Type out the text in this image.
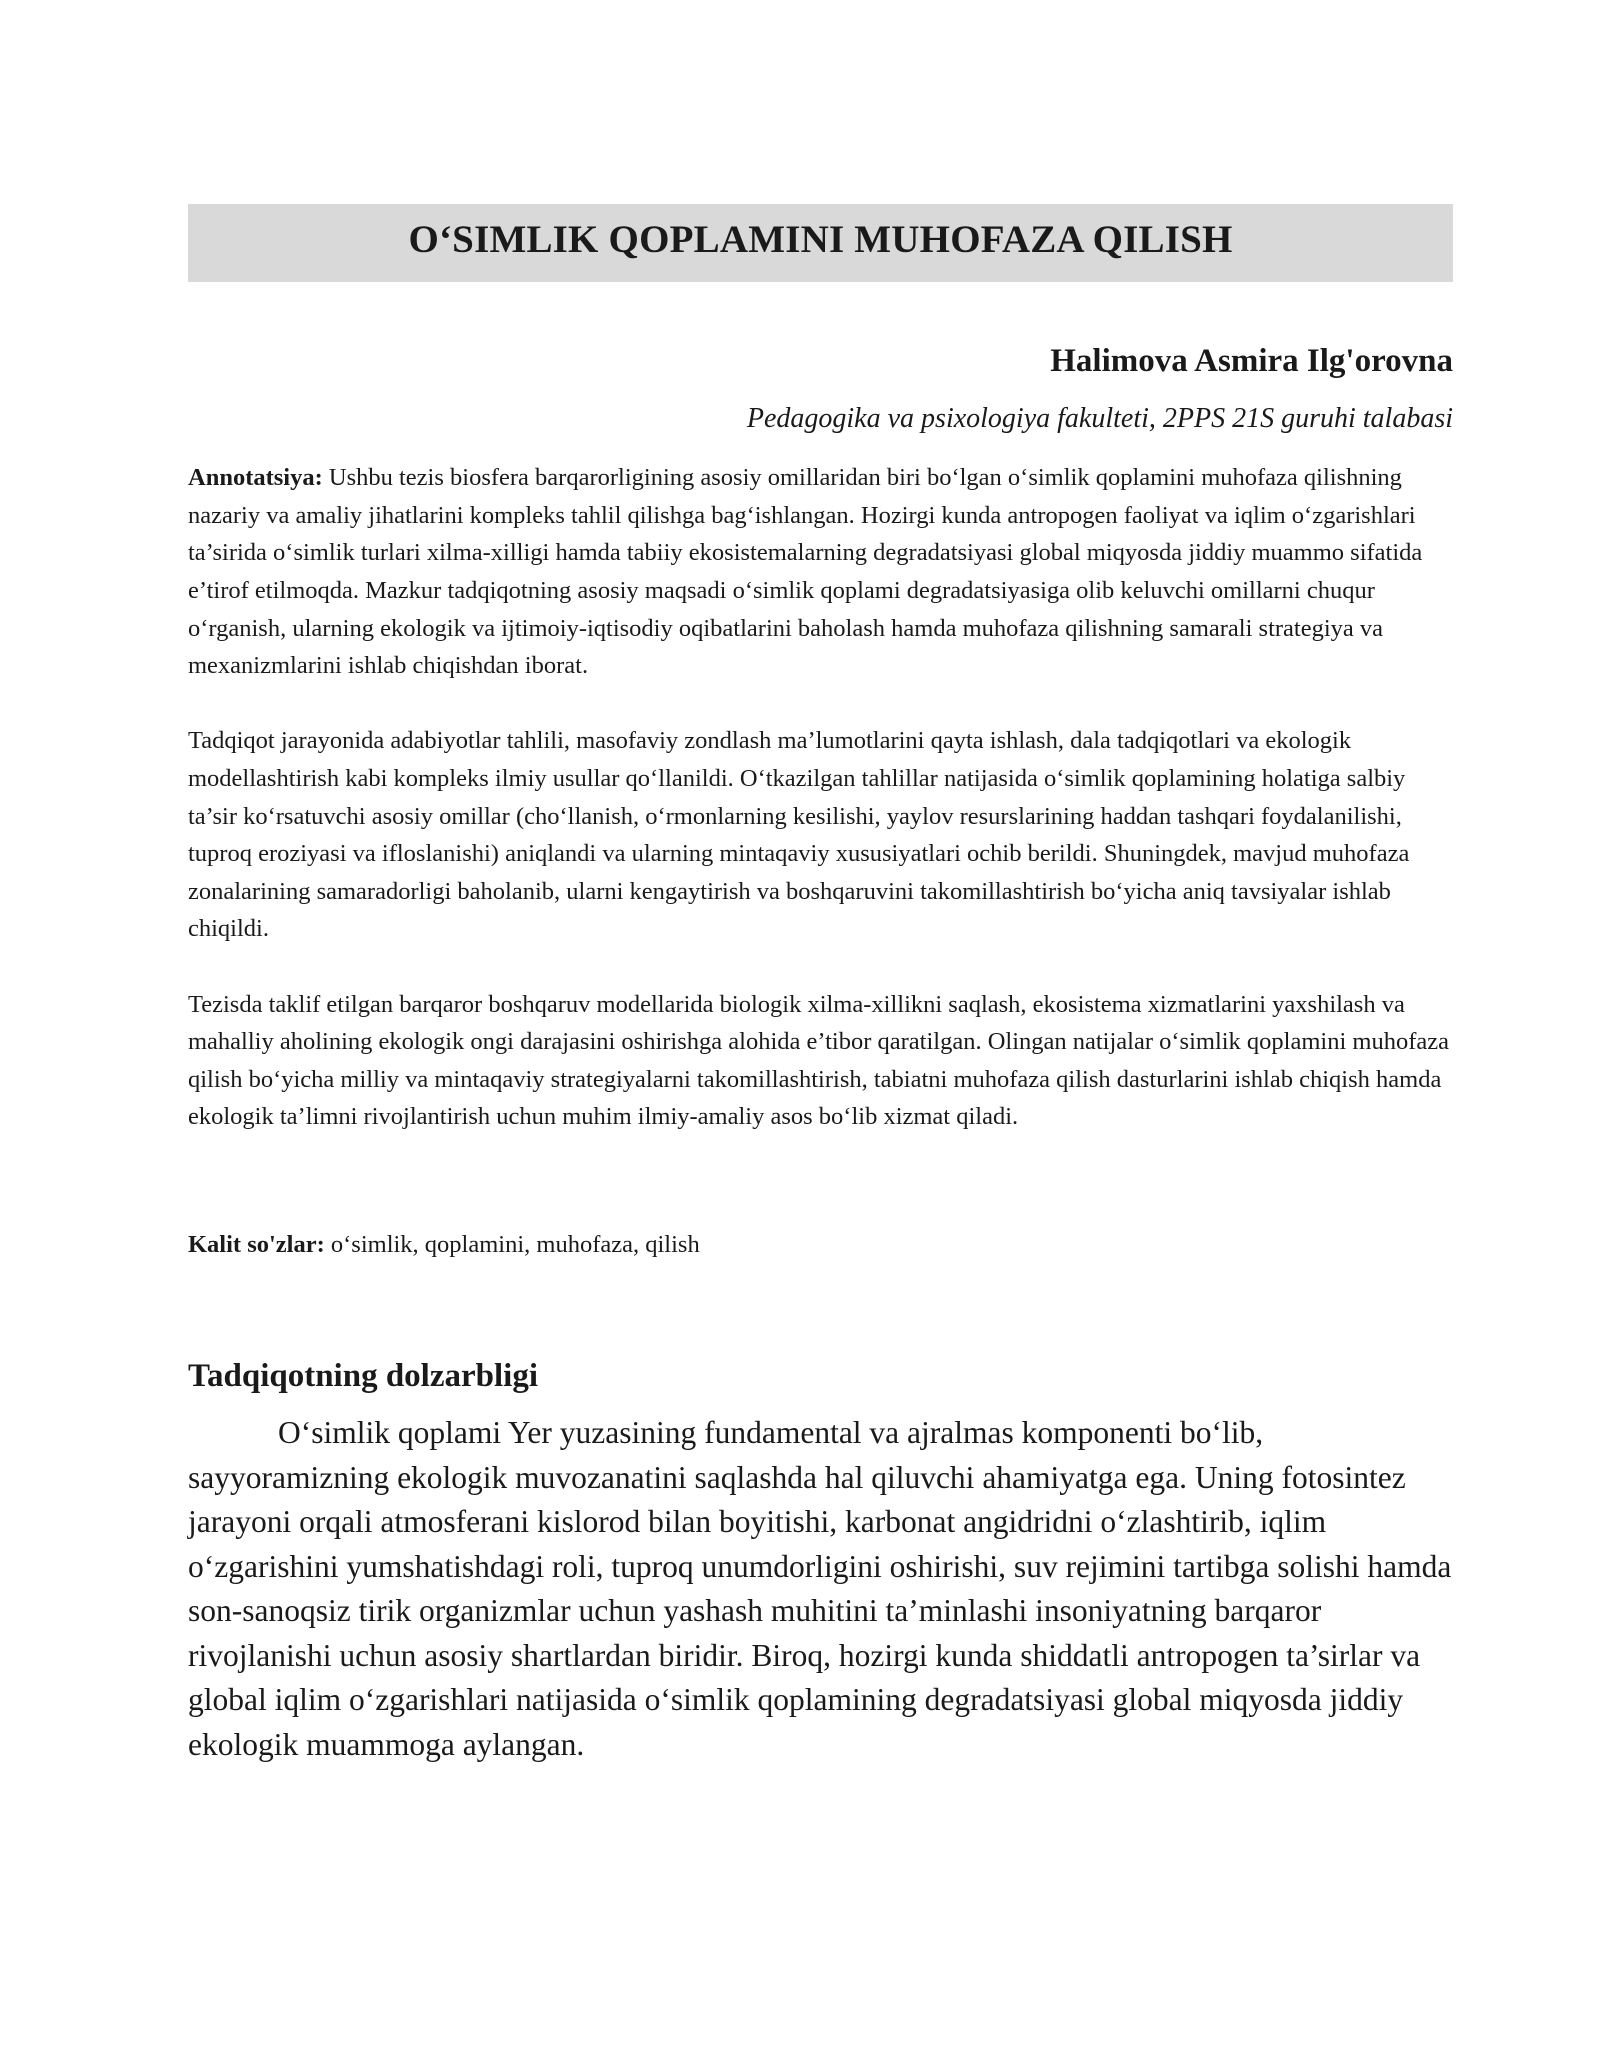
O‘SIMLIK QOPLAMINI MUHOFAZA QILISH
Halimova Asmira Ilg'orovna
Pedagogika va psixologiya fakulteti, 2PPS 21S guruhi talabasi

Annotatsiya: Ushbu tezis biosfera barqarorligining asosiy omillaridan biri bo‘lgan o‘simlik qoplamini muhofaza qilishning nazariy va amaliy jihatlarini kompleks tahlil qilishga bag‘ishlangan. Hozirgi kunda antropogen faoliyat va iqlim o‘zgarishlari ta’sirida o‘simlik turlari xilma-xilligi hamda tabiiy ekosistemalarning degradatsiyasi global miqyosda jiddiy muammo sifatida e’tirof etilmoqda. Mazkur tadqiqotning asosiy maqsadi o‘simlik qoplami degradatsiyasiga olib keluvchi omillarni chuqur o‘rganish, ularning ekologik va ijtimoiy-iqtisodiy oqibatlarini baholash hamda muhofaza qilishning samarali strategiya va mexanizmlarini ishlab chiqishdan iborat.

Tadqiqot jarayonida adabiyotlar tahlili, masofaviy zondlash ma’lumotlarini qayta ishlash, dala tadqiqotlari va ekologik modellashtirish kabi kompleks ilmiy usullar qo‘llanildi. O‘tkazilgan tahlillar natijasida o‘simlik qoplamining holatiga salbiy ta’sir ko‘rsatuvchi asosiy omillar (cho‘llanish, o‘rmonlarning kesilishi, yaylov resurslarining haddan tashqari foydalanilishi, tuproq eroziyasi va ifloslanishi) aniqlandi va ularning mintaqaviy xususiyatlari ochib berildi. Shuningdek, mavjud muhofaza zonalarining samaradorligi baholanib, ularni kengaytirish va boshqaruvini takomillashtirish bo‘yicha aniq tavsiyalar ishlab chiqildi.

Tezisda taklif etilgan barqaror boshqaruv modellarida biologik xilma-xillikni saqlash, ekosistema xizmatlarini yaxshilash va mahalliy aholining ekologik ongi darajasini oshirishga alohida e’tibor qaratilgan. Olingan natijalar o‘simlik qoplamini muhofaza qilish bo‘yicha milliy va mintaqaviy strategiyalarni takomillashtirish, tabiatni muhofaza qilish dasturlarini ishlab chiqish hamda ekologik ta’limni rivojlantirish uchun muhim ilmiy-amaliy asos bo‘lib xizmat qiladi.

Kalit so'zlar: o‘simlik, qoplamini, muhofaza, qilish
Tadqiqotning dolzarbligi

O‘simlik qoplami Yer yuzasining fundamental va ajralmas komponenti bo‘lib, sayyoramizning ekologik muvozanatini saqlashda hal qiluvchi ahamiyatga ega. Uning fotosintez jarayoni orqali atmosferani kislorod bilan boyitishi, karbonat angidridni o‘zlashtirib, iqlim o‘zgarishini yumshatishdagi roli, tuproq unumdorligini oshirishi, suv rejimini tartibga solishi hamda son-sanoqsiz tirik organizmlar uchun yashash muhitini ta’minlashi insoniyatning barqaror rivojlanishi uchun asosiy shartlardan biridir. Biroq, hozirgi kunda shiddatli antropogen ta’sirlar va global iqlim o‘zgarishlari natijasida o‘simlik qoplamining degradatsiyasi global miqyosda jiddiy ekologik muammoga aylangan.
